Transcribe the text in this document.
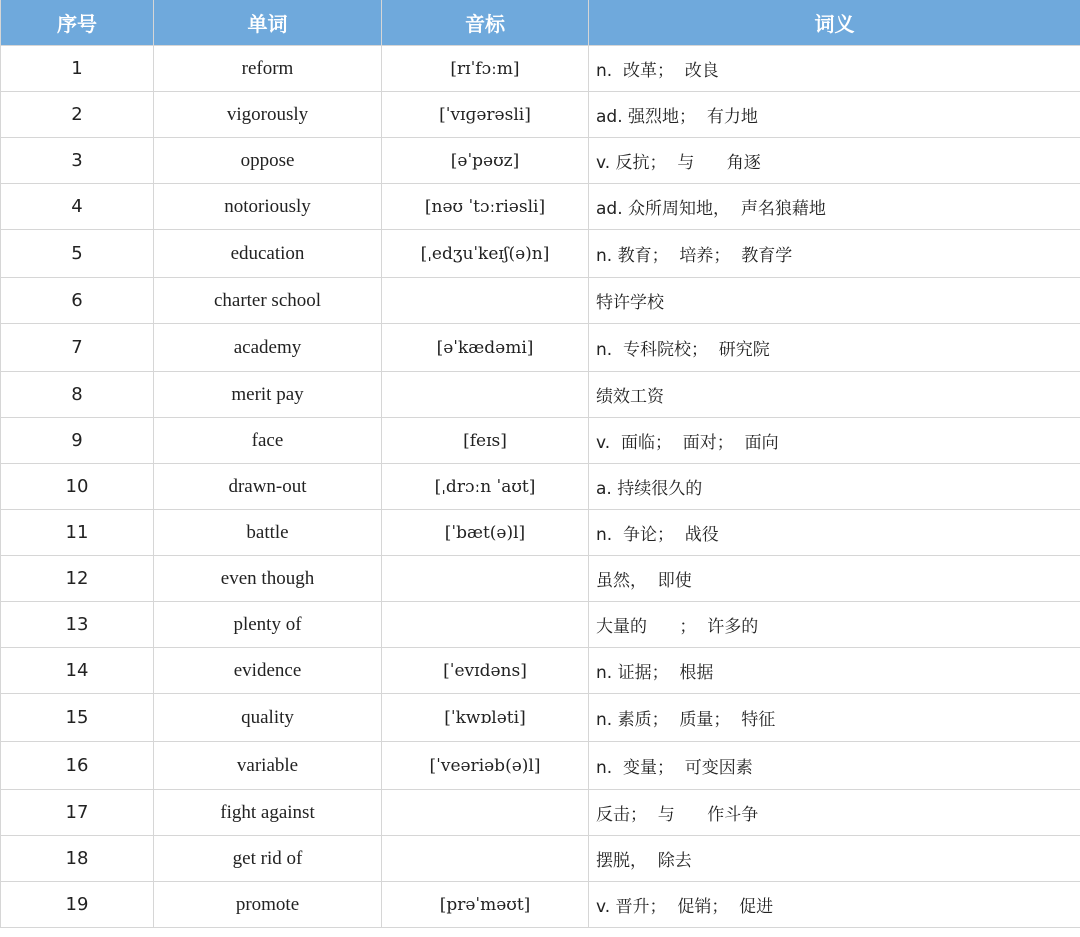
序号	单词	音标	词义
1	reform	[rɪˈfɔːm]	n.  改革；  改良
2	vigorously	[ˈvɪɡərəsli]	ad. 强烈地；  有力地
3	oppose	[əˈpəʊz]	v. 反抗；  与      角逐
4	notoriously	[nəʊ ˈtɔːriəsli]	ad. 众所周知地，  声名狼藉地
5	education	[ˌedʒuˈkeɪʃ(ə)n]	n. 教育；  培养；  教育学
6	charter school		特许学校
7	academy	[əˈkædəmi]	n.  专科院校；  研究院
8	merit pay		绩效工资
9	face	[feɪs]	v.  面临；  面对；  面向
10	drawn-out	[ˌdrɔːn ˈaʊt]	a. 持续很久的
11	battle	[ˈbæt(ə)l]	n.  争论；  战役
12	even though		虽然，  即使
13	plenty of		大量的      ；  许多的
14	evidence	[ˈevɪdəns]	n. 证据；  根据
15	quality	[ˈkwɒləti]	n. 素质；  质量；  特征
16	variable	[ˈveəriəb(ə)l]	n.  变量；  可变因素
17	fight against		反击；  与      作斗争
18	get rid of		摆脱，  除去
19	promote	[prəˈməʊt]	v. 晋升；  促销；  促进
